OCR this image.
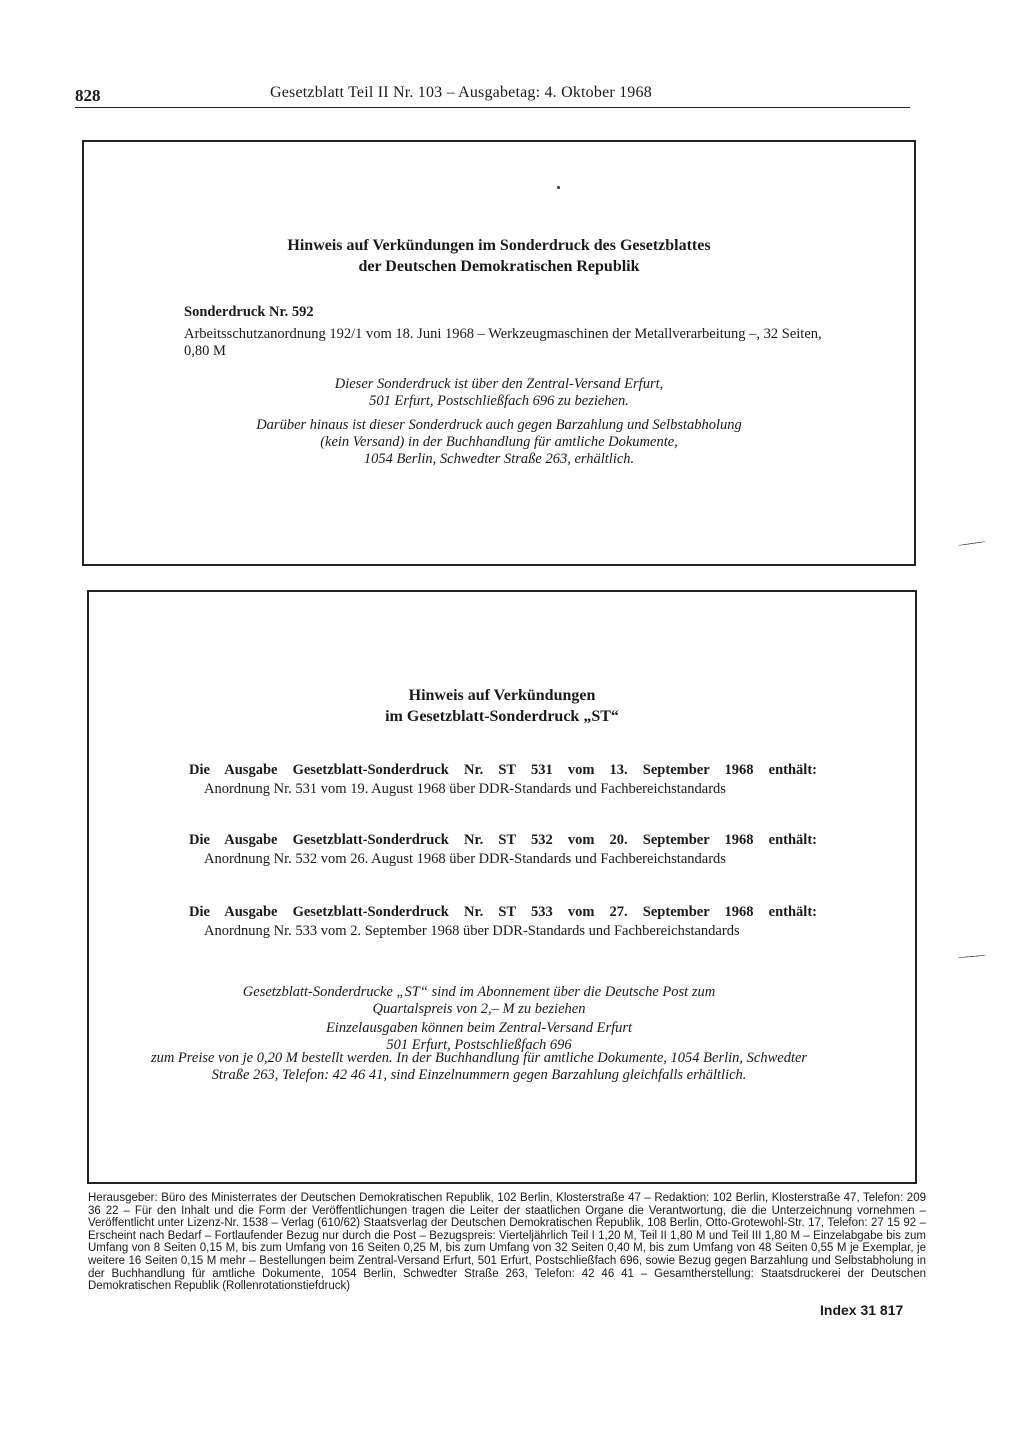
828	Gesetzblatt Teil II Nr. 103 – Ausgabetag: 4. Oktober 1968
Hinweis auf Verkündungen im Sonderdruck des Gesetzblattes
der Deutschen Demokratischen Republik
Sonderdruck Nr. 592
Arbeitsschutzanordnung 192/1 vom 18. Juni 1968 – Werkzeugmaschinen der Metallverarbeitung –, 32 Seiten, 0,80 M
Dieser Sonderdruck ist über den Zentral-Versand Erfurt,
501 Erfurt, Postschließfach 696 zu beziehen.
Darüber hinaus ist dieser Sonderdruck auch gegen Barzahlung und Selbstabholung
(kein Versand) in der Buchhandlung für amtliche Dokumente,
1054 Berlin, Schwedter Straße 263, erhältlich.
Hinweis auf Verkündungen
im Gesetzblatt-Sonderdruck „ST“
Die Ausgabe Gesetzblatt-Sonderdruck Nr. ST 531 vom 13. September 1968 enthält:
Anordnung Nr. 531 vom 19. August 1968 über DDR-Standards und Fachbereichstandards
Die Ausgabe Gesetzblatt-Sonderdruck Nr. ST 532 vom 20. September 1968 enthält:
Anordnung Nr. 532 vom 26. August 1968 über DDR-Standards und Fachbereichstandards
Die Ausgabe Gesetzblatt-Sonderdruck Nr. ST 533 vom 27. September 1968 enthält:
Anordnung Nr. 533 vom 2. September 1968 über DDR-Standards und Fachbereichstandards
Gesetzblatt-Sonderdrucke „ST“ sind im Abonnement über die Deutsche Post zum
Quartalspreis von 2,– M zu beziehen
Einzelausgaben können beim Zentral-Versand Erfurt
501 Erfurt, Postschließfach 696
zum Preise von je 0,20 M bestellt werden. In der Buchhandlung für amtliche Dokumente, 1054 Berlin, Schwedter Straße 263, Telefon: 42 46 41, sind Einzelnummern gegen Barzahlung gleichfalls erhältlich.
Herausgeber: Büro des Ministerrates der Deutschen Demokratischen Republik, 102 Berlin, Klosterstraße 47 – Redaktion: 102 Berlin, Klosterstraße 47, Telefon: 209 36 22 – Für den Inhalt und die Form der Veröffentlichungen tragen die Leiter der staatlichen Organe die Verantwortung, die die Unterzeichnung vornehmen – Veröffentlicht unter Lizenz-Nr. 1538 – Verlag (610/62) Staatsverlag der Deutschen Demokratischen Republik, 108 Berlin, Otto-Grotewohl-Str. 17, Telefon: 27 15 92 – Erscheint nach Bedarf – Fortlaufender Bezug nur durch die Post – Bezugspreis: Vierteljährlich Teil I 1,20 M, Teil II 1,80 M und Teil III 1,80 M – Einzelabgabe bis zum Umfang von 8 Seiten 0,15 M, bis zum Umfang von 16 Seiten 0,25 M, bis zum Umfang von 32 Seiten 0,40 M, bis zum Umfang von 48 Seiten 0,55 M je Exemplar, je weitere 16 Seiten 0,15 M mehr – Bestellungen beim Zentral-Versand Erfurt, 501 Erfurt, Postschließfach 696, sowie Bezug gegen Barzahlung und Selbstabholung in der Buchhandlung für amtliche Dokumente, 1054 Berlin, Schwedter Straße 263, Telefon: 42 46 41 – Gesamtherstellung: Staatsdruckerei der Deutschen Demokratischen Republik (Rollenrotationstiefdruck)
Index 31 817
